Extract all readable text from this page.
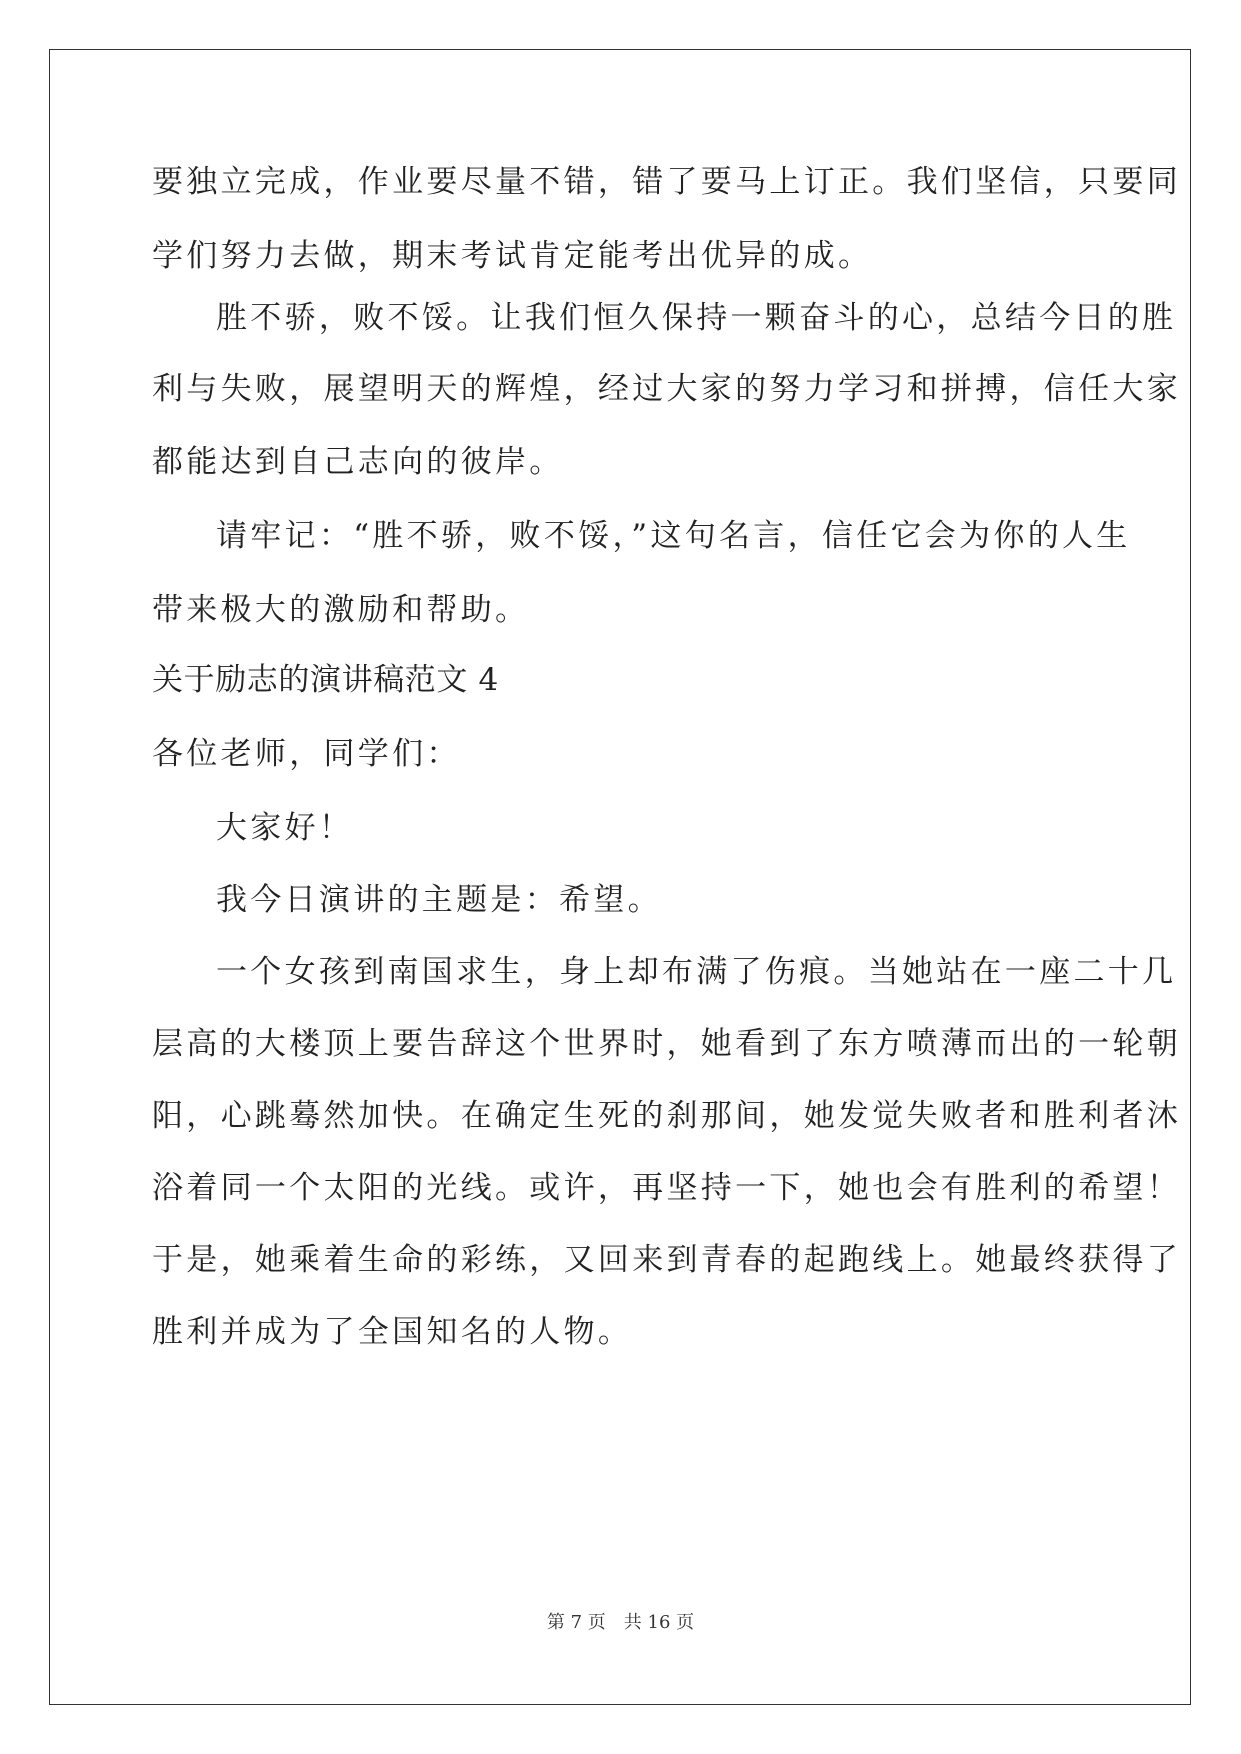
要独立完成，作业要尽量不错，错了要马上订正。我们坚信，只要同
学们努力去做，期末考试肯定能考出优异的成。
胜不骄，败不馁。让我们恒久保持一颗奋斗的心，总结今日的胜
利与失败，展望明天的辉煌，经过大家的努力学习和拼搏，信任大家
都能达到自己志向的彼岸。
请牢记：“胜不骄，败不馁，”这句名言，信任它会为你的人生
带来极大的激励和帮助。
关于励志的演讲稿范文 4
各位老师，同学们：
大家好！
我今日演讲的主题是：希望。
一个女孩到南国求生，身上却布满了伤痕。当她站在一座二十几
层高的大楼顶上要告辞这个世界时，她看到了东方喷薄而出的一轮朝
阳，心跳蓦然加快。在确定生死的刹那间，她发觉失败者和胜利者沐
浴着同一个太阳的光线。或许，再坚持一下，她也会有胜利的希望！
于是，她乘着生命的彩练，又回来到青春的起跑线上。她最终获得了
胜利并成为了全国知名的人物。
第 7 页　共 16 页
